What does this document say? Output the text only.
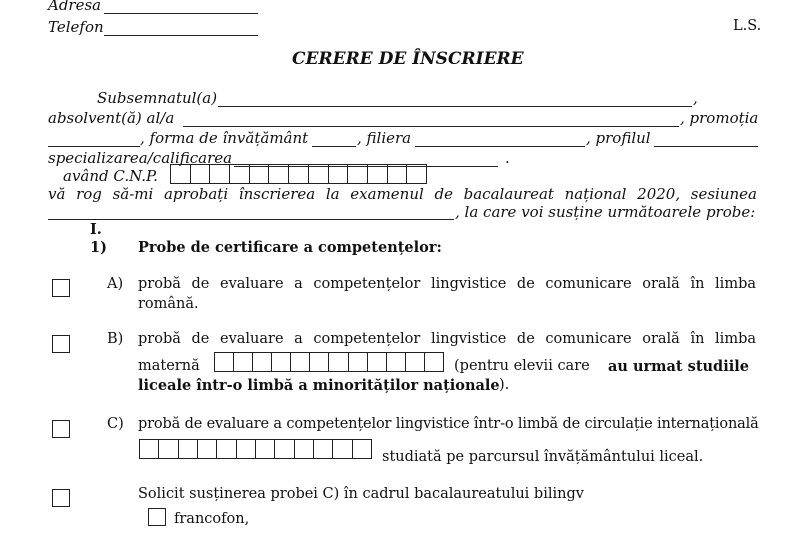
Adresa
Telefon	L.S.
CERERE DE ÎNSCRIERE
Subsemnatul(a)	,
absolvent(ă) al/a	, promoția
, forma de învățământ	, filiera	, profilul
specializarea/calificarea	.
având C.N.P.
vă rog să-mi aprobați înscrierea la examenul de bacalaureat național 2020, sesiunea
, la care voi susține următoarele probe:
I.
1) Probe de certificare a competențelor:
A) probă de evaluare a competențelor lingvistice de comunicare orală în limba
română.
B) probă de evaluare a competențelor lingvistice de comunicare orală în limba
maternă	(pentru elevii care au urmat studiile
liceale într-o limbă a minorităților naționale ).
C) probă de evaluare a competențelor lingvistice într-o limbă de circulație internațională
studiată pe parcursul învățământului liceal.
Solicit susținerea probei C) în cadrul bacalaureatului bilingv
francofon,
